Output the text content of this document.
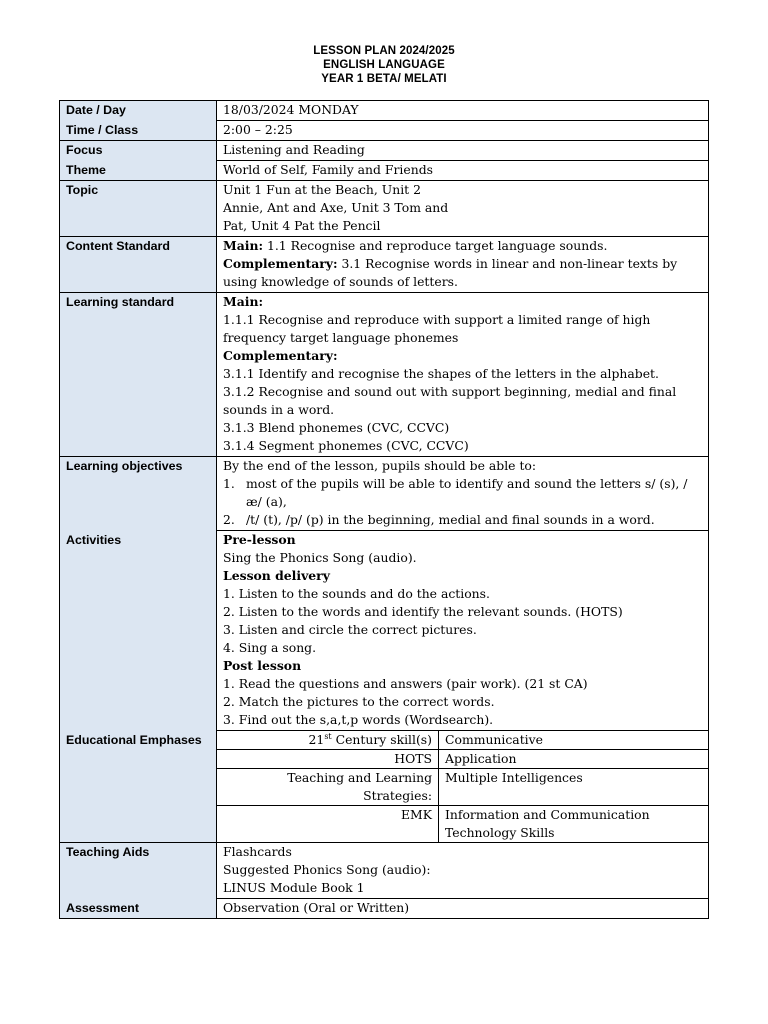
LESSON PLAN 2024/2025
ENGLISH LANGUAGE
YEAR 1 BETA/ MELATI
Date / Day	18/03/2024 MONDAY
Time / Class	2:00 – 2:25
Focus	Listening and Reading
Theme	World of Self, Family and Friends
Topic	Unit 1 Fun at the Beach, Unit 2
Annie, Ant and Axe, Unit 3 Tom and
Pat, Unit 4 Pat the Pencil

Content Standard	Main: 1.1 Recognise and reproduce target language sounds.
Complementary: 3.1 Recognise words in linear and non-linear texts by using knowledge of sounds of letters.

Learning standard	Main:
1.1.1 Recognise and reproduce with support a limited range of high frequency target language phonemes
Complementary:
3.1.1 Identify and recognise the shapes of the letters in the alphabet.
3.1.2 Recognise and sound out with support beginning, medial and final sounds in a word.
3.1.3 Blend phonemes (CVC, CCVC)
3.1.4 Segment phonemes (CVC, CCVC)

Learning objectives	By the end of the lesson, pupils should be able to:
1. most of the pupils will be able to identify and sound the letters s/ (s), /æ/ (a),
2. /t/ (t), /p/ (p) in the beginning, medial and final sounds in a word.

Activities	Pre-lesson
Sing the Phonics Song (audio).
Lesson delivery
1. Listen to the sounds and do the actions.
2. Listen to the words and identify the relevant sounds. (HOTS)
3. Listen and circle the correct pictures.
4. Sing a song.
Post lesson
1. Read the questions and answers (pair work). (21 st CA)
2. Match the pictures to the correct words.
3. Find out the s,a,t,p words (Wordsearch).

Educational Emphases		21st Century skill(s)	Communicative
HOTS	Application
Teaching and Learning Strategies:	Multiple Intelligences
EMK	Information and Communication Technology Skills

Teaching Aids	Flashcards
Suggested Phonics Song (audio):
LINUS Module Book 1

Assessment	Observation (Oral or Written)
